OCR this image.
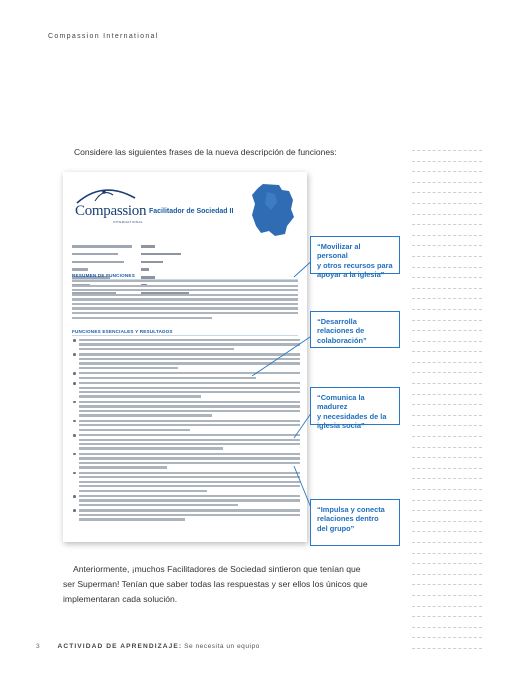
Compassion International
Considere las siguientes frases de la nueva descripción de funciones:
Compassion
INTERNATIONAL
Facilitador de Sociedad II
RESUMEN DE FUNCIONES
FUNCIONES ESENCIALES Y RESULTADOS
“Movilizar al personal
y otros recursos para
apoyar a la iglesia”
“Desarrolla
relaciones de
colaboración”
“Comunica la madurez
y necesidades de la
iglesia socia”
“Impulsa y conecta
relaciones dentro
del grupo”
Anteriormente, ¡muchos Facilitadores de Sociedad sintieron que tenían que
ser Superman! Tenían que saber todas las respuestas y ser ellos los únicos que
implementaran cada solución.
3	ACTIVIDAD DE APRENDIZAJE: Se necesita un equipo
